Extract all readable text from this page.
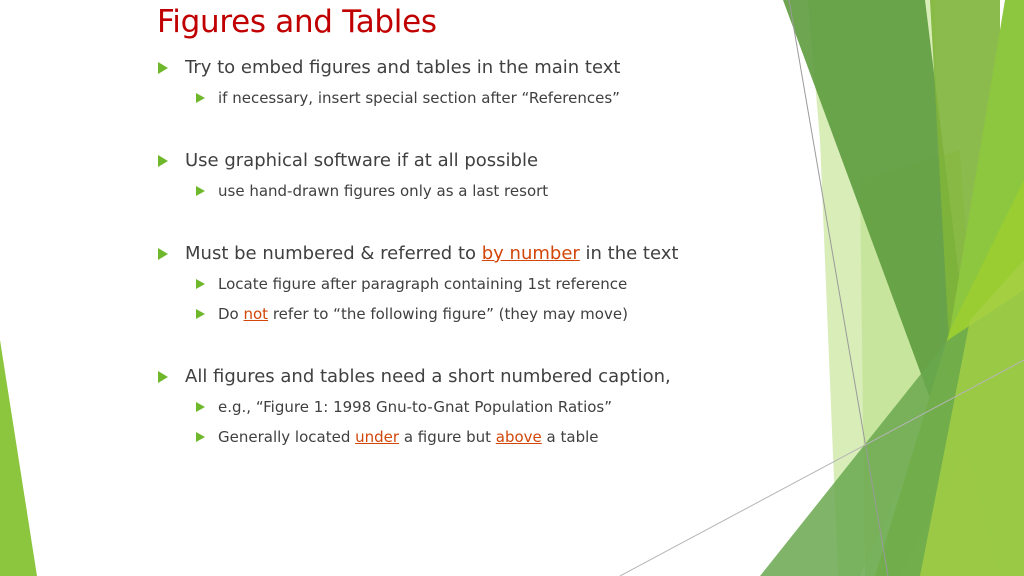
Figures and Tables
Try to embed figures and tables in the main text
if necessary, insert special section after “References”
Use graphical software if at all possible
use hand-drawn figures only as a last resort
Must be numbered & referred to by number in the text
Locate figure after paragraph containing 1st reference
Do not refer to “the following figure” (they may move)
All figures and tables need a short numbered caption,
e.g., “Figure 1: 1998 Gnu-to-Gnat Population Ratios”
Generally located under a figure but above a table
